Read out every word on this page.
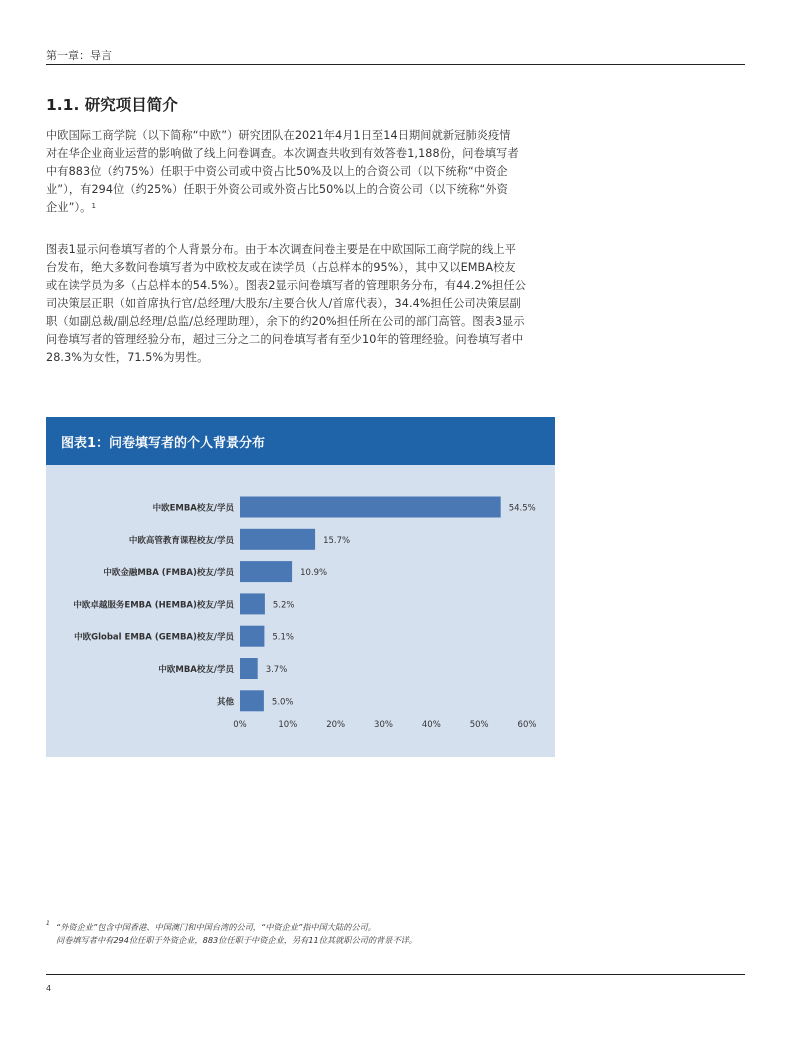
第一章：导言
1.1. 研究项目简介

中欧国际工商学院（以下简称“中欧”）研究团队在2021年4月1日至14日期间就新冠肺炎疫情
对在华企业商业运营的影响做了线上问卷调查。本次调查共收到有效答卷1,188份，问卷填写者
中有883位（约75%）任职于中资公司或中资占比50%及以上的合资公司（以下统称“中资企
业”），有294位（约25%）任职于外资公司或外资占比50%以上的合资公司（以下统称“外资
企业”）。$^1$

图表1显示问卷填写者的个人背景分布。由于本次调查问卷主要是在中欧国际工商学院的线上平
台发布，绝大多数问卷填写者为中欧校友或在读学员（占总样本的95%），其中又以EMBA校友
或在读学员为多（占总样本的54.5%）。图表2显示问卷填写者的管理职务分布，有44.2%担任公
司决策层正职（如首席执行官/总经理/大股东/主要合伙人/首席代表），34.4%担任公司决策层副
职（如副总裁/副总经理/总监/总经理助理），余下的约20%担任所在公司的部门高管。图表3显示
问卷填写者的管理经验分布，超过三分之二的问卷填写者有至少10年的管理经验。问卷填写者中
28.3%为女性，71.5%为男性。

图表1：问卷填写者的个人背景分布
中欧EMBA校友/学员	54.5%
中欧高管教育课程校友/学员	15.7%
中欧金融MBA (FMBA)校友/学员	10.9%
中欧卓越服务EMBA (HEMBA)校友/学员	5.2%
中欧Global EMBA (GEMBA)校友/学员	5.1%
中欧MBA校友/学员	3.7%
其他	5.0%
0%	10%	20%	30%	40%	50%	60%
1 “外资企业”包含中国香港、中国澳门和中国台湾的公司，“中资企业”指中国大陆的公司。
问卷填写者中有294位任职于外资企业，883位任职于中资企业，另有11位其就职公司的背景不详。
4
